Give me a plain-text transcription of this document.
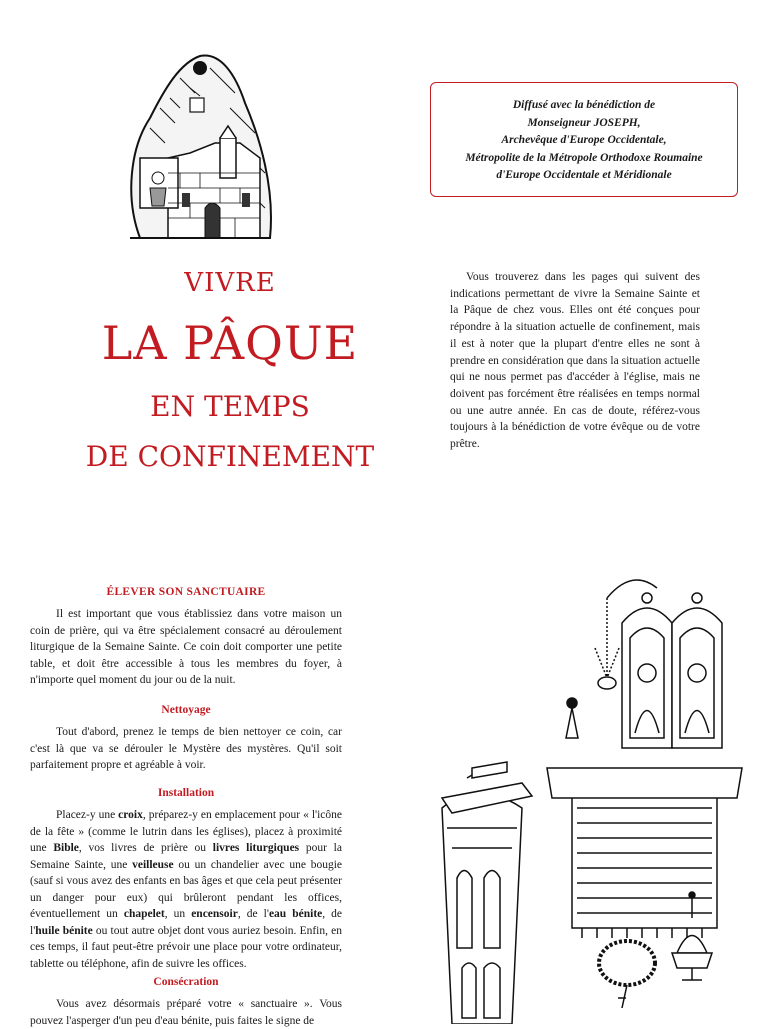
VIVRE
LA PÂQUE
EN TEMPS
DE CONFINEMENT
Diffusé avec la bénédiction de
Monseigneur JOSEPH,
Archevêque d'Europe Occidentale,
Métropolite de la Métropole Orthodoxe Roumaine
d'Europe Occidentale et Méridionale

Vous trouverez dans les pages qui suivent des indications permettant de vivre la Semaine Sainte et la Pâque de chez vous. Elles ont été conçues pour répondre à la situation actuelle de confinement, mais il est à noter que la plupart d'entre elles ne sont à prendre en considération que dans la situation actuelle qui ne nous permet pas d'accéder à l'église, mais ne doivent pas forcément être réalisées en temps normal ou une autre année. En cas de doute, référez-vous toujours à la bénédiction de votre évêque ou de votre prêtre.

ÉLEVER SON SANCTUAIRE

Il est important que vous établissiez dans votre maison un coin de prière, qui va être spécialement consacré au déroulement liturgique de la Semaine Sainte. Ce coin doit comporter une petite table, et doit être accessible à tous les membres du foyer, à n'importe quel moment du jour ou de la nuit.

Nettoyage

Tout d'abord, prenez le temps de bien nettoyer ce coin, car c'est là que va se dérouler le Mystère des mystères. Qu'il soit parfaitement propre et agréable à voir.

Installation

Placez-y une croix, préparez-y en emplacement pour « l'icône de la fête » (comme le lutrin dans les églises), placez à proximité une Bible, vos livres de prière ou livres liturgiques pour la Semaine Sainte, une veilleuse ou un chandelier avec une bougie (sauf si vous avez des enfants en bas âges et que cela peut présenter un danger pour eux) qui brûleront pendant les offices, éventuellement un chapelet, un encensoir, de l'eau bénite, de l'huile bénite ou tout autre objet dont vous auriez besoin. Enfin, en ces temps, il faut peut-être prévoir une place pour votre ordinateur, tablette ou téléphone, afin de suivre les offices.

Consécration

Vous avez désormais préparé votre « sanctuaire ». Vous pouvez l'asperger d'un peu d'eau bénite, puis faites le signe de
